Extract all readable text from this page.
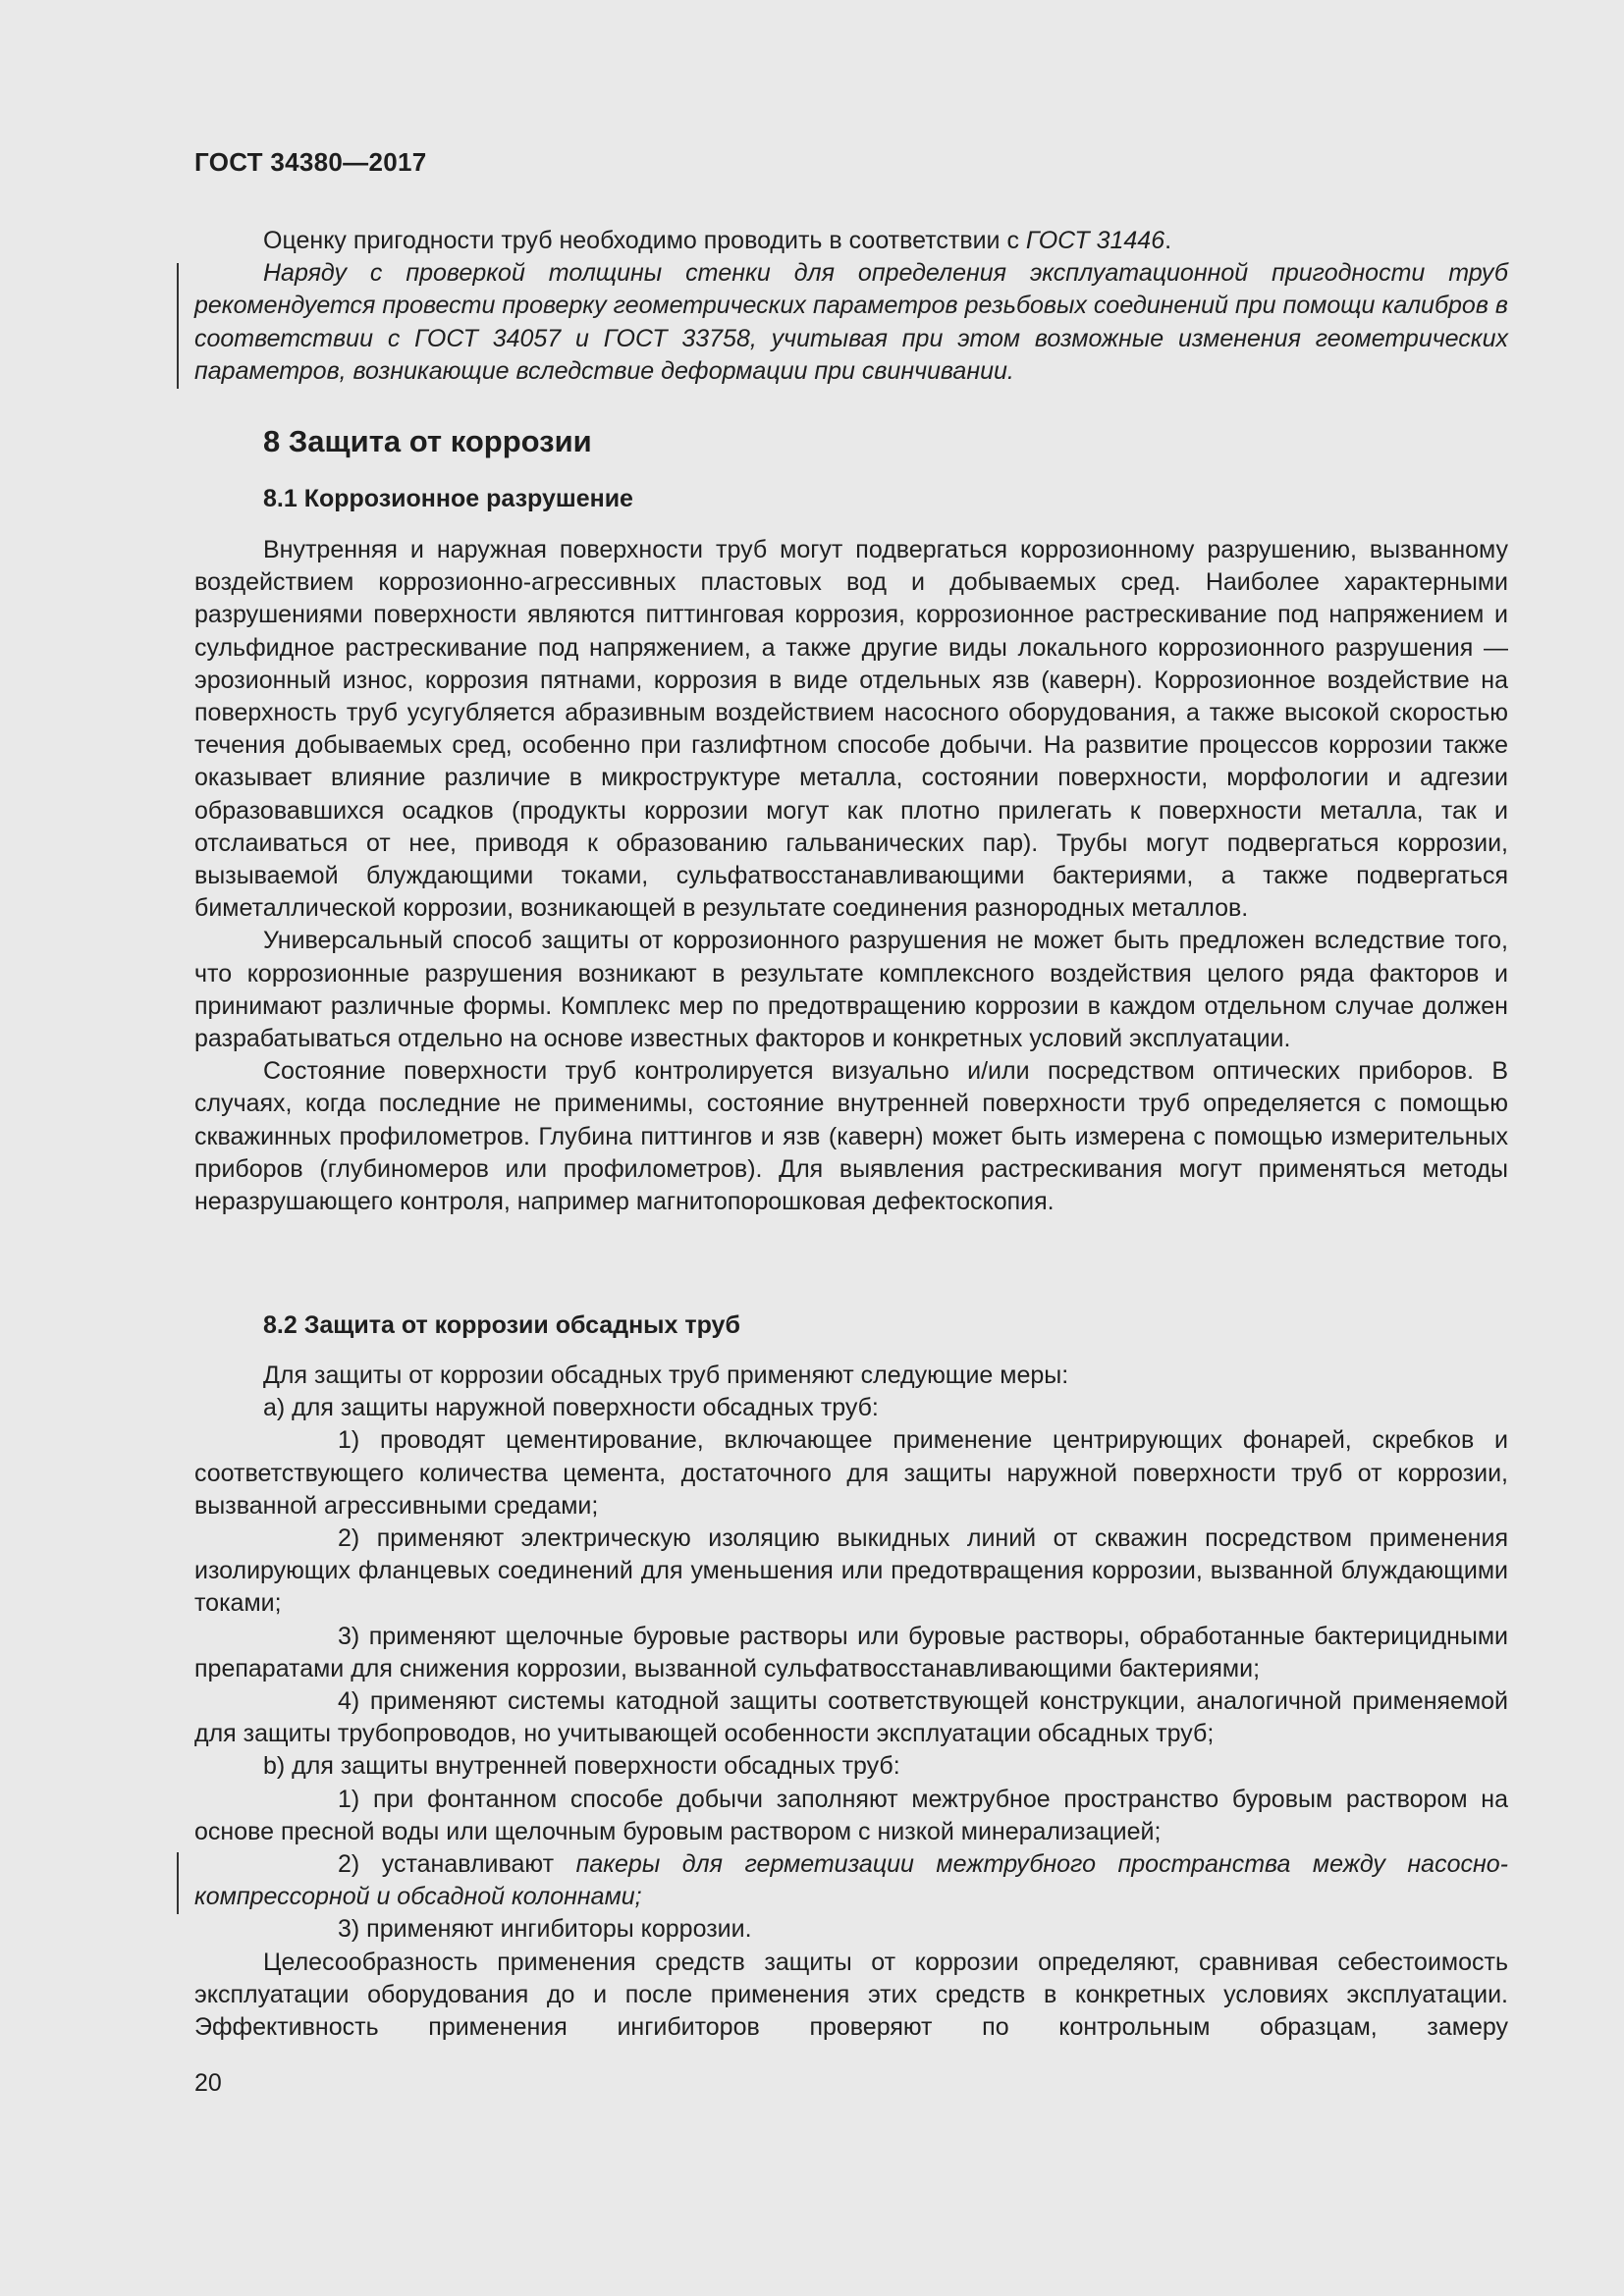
ГОСТ 34380—2017

Оценку пригодности труб необходимо проводить в соответствии с ГОСТ 31446.

Наряду с проверкой толщины стенки для определения эксплуатационной пригодности труб рекомендуется провести проверку геометрических параметров резьбовых соединений при помощи калибров в соответствии с ГОСТ 34057 и ГОСТ 33758, учитывая при этом возможные изменения геометрических параметров, возникающие вследствие деформации при свинчивании.

8 Защита от коррозии
8.1 Коррозионное разрушение

Внутренняя и наружная поверхности труб могут подвергаться коррозионному разрушению, вызванному воздействием коррозионно-агрессивных пластовых вод и добываемых сред. Наиболее характерными разрушениями поверхности являются питтинговая коррозия, коррозионное растрескивание под напряжением и сульфидное растрескивание под напряжением, а также другие виды локального коррозионного разрушения — эрозионный износ, коррозия пятнами, коррозия в виде отдельных язв (каверн). Коррозионное воздействие на поверхность труб усугубляется абразивным воздействием насосного оборудования, а также высокой скоростью течения добываемых сред, особенно при газлифтном способе добычи. На развитие процессов коррозии также оказывает влияние различие в микроструктуре металла, состоянии поверхности, морфологии и адгезии образовавшихся осадков (продукты коррозии могут как плотно прилегать к поверхности металла, так и отслаиваться от нее, приводя к образованию гальванических пар). Трубы могут подвергаться коррозии, вызываемой блуждающими токами, сульфатвосстанавливающими бактериями, а также подвергаться биметаллической коррозии, возникающей в результате соединения разнородных металлов.

Универсальный способ защиты от коррозионного разрушения не может быть предложен вследствие того, что коррозионные разрушения возникают в результате комплексного воздействия целого ряда факторов и принимают различные формы. Комплекс мер по предотвращению коррозии в каждом отдельном случае должен разрабатываться отдельно на основе известных факторов и конкретных условий эксплуатации.

Состояние поверхности труб контролируется визуально и/или посредством оптических приборов. В случаях, когда последние не применимы, состояние внутренней поверхности труб определяется с помощью скважинных профилометров. Глубина питтингов и язв (каверн) может быть измерена с помощью измерительных приборов (глубиномеров или профилометров). Для выявления растрескивания могут применяться методы неразрушающего контроля, например магнитопорошковая дефектоскопия.

8.2 Защита от коррозии обсадных труб

Для защиты от коррозии обсадных труб применяют следующие меры:

а) для защиты наружной поверхности обсадных труб:

1) проводят цементирование, включающее применение центрирующих фонарей, скребков и соответствующего количества цемента, достаточного для защиты наружной поверхности труб от коррозии, вызванной агрессивными средами;

2) применяют электрическую изоляцию выкидных линий от скважин посредством применения изолирующих фланцевых соединений для уменьшения или предотвращения коррозии, вызванной блуждающими токами;

3) применяют щелочные буровые растворы или буровые растворы, обработанные бактерицидными препаратами для снижения коррозии, вызванной сульфатвосстанавливающими бактериями;

4) применяют системы катодной защиты соответствующей конструкции, аналогичной применяемой для защиты трубопроводов, но учитывающей особенности эксплуатации обсадных труб;

b) для защиты внутренней поверхности обсадных труб:

1) при фонтанном способе добычи заполняют межтрубное пространство буровым раствором на основе пресной воды или щелочным буровым раствором с низкой минерализацией;

2) устанавливают пакеры для герметизации межтрубного пространства между насосно-компрессорной и обсадной колоннами;

3) применяют ингибиторы коррозии.

Целесообразность применения средств защиты от коррозии определяют, сравнивая себестоимость эксплуатации оборудования до и после применения этих средств в конкретных условиях эксплуатации. Эффективность применения ингибиторов проверяют по контрольным образцам, замеру

20
